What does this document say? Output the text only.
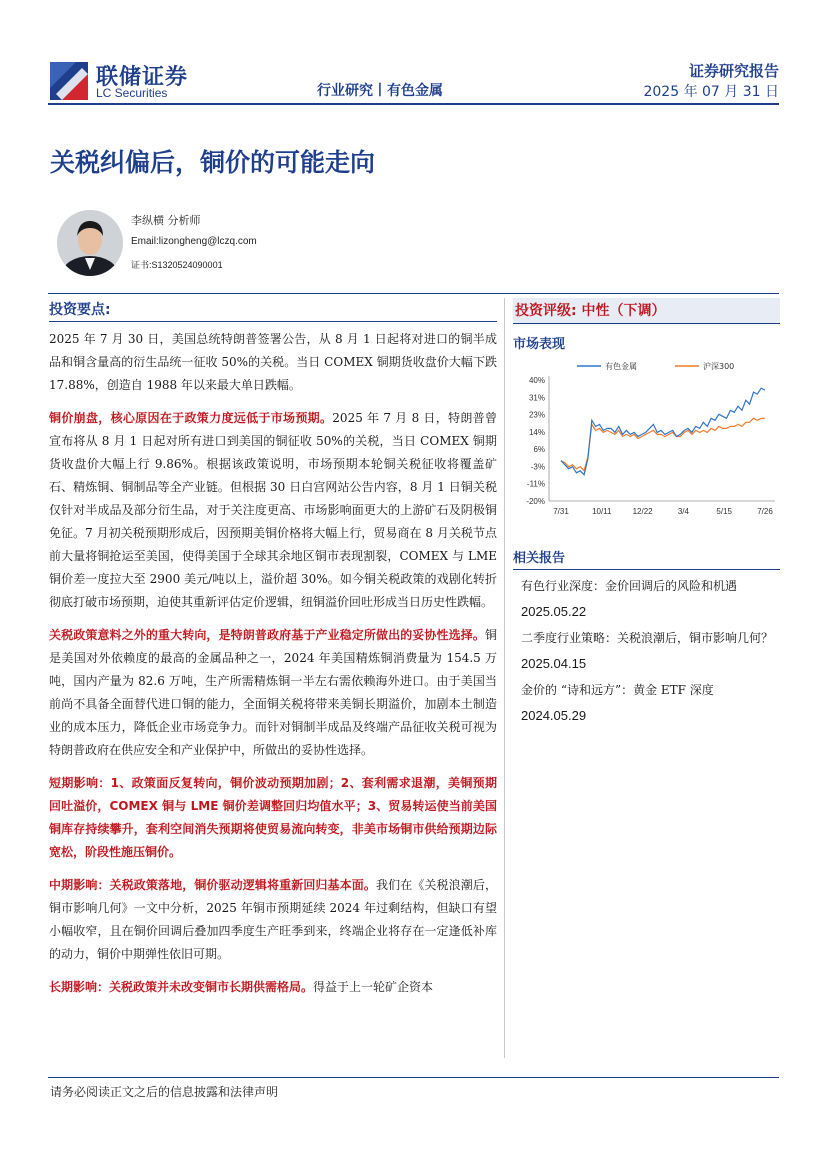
联储证券
LC Securities	行业研究丨有色金属
证券研究报告
2025 年 07 月 31 日
关税纠偏后，铜价的可能走向
李纵横 分析师
Email:lizongheng@lczq.com
证书:S1320524090001
投资要点:

2025 年 7 月 30 日，美国总统特朗普签署公告，从 8 月 1 日起将对进口的铜半成品和铜含量高的衍生品统一征收 50%的关税。当日 COMEX 铜期货收盘价大幅下跌 17.88%，创造自 1988 年以来最大单日跌幅。

铜价崩盘，核心原因在于政策力度远低于市场预期。2025 年 7 月 8 日，特朗普曾宣布将从 8 月 1 日起对所有进口到美国的铜征收 50%的关税，当日 COMEX 铜期货收盘价大幅上行 9.86%。根据该政策说明，市场预期本轮铜关税征收将覆盖矿石、精炼铜、铜制品等全产业链。但根据 30 日白宫网站公告内容，8 月 1 日铜关税仅针对半成品及部分衍生品，对于关注度更高、市场影响面更大的上游矿石及阴极铜免征。7 月初关税预期形成后，因预期美铜价格将大幅上行，贸易商在 8 月关税节点前大量将铜抢运至美国，使得美国于全球其余地区铜市表现割裂，COMEX 与 LME 铜价差一度拉大至 2900 美元/吨以上，溢价超 30%。如今铜关税政策的戏剧化转折彻底打破市场预期，迫使其重新评估定价逻辑，纽铜溢价回吐形成当日历史性跌幅。

关税政策意料之外的重大转向，是特朗普政府基于产业稳定所做出的妥协性选择。铜是美国对外依赖度的最高的金属品种之一，2024 年美国精炼铜消费量为 154.5 万吨，国内产量为 82.6 万吨，生产所需精炼铜一半左右需依赖海外进口。由于美国当前尚不具备全面替代进口铜的能力，全面铜关税将带来美铜长期溢价，加剧本土制造业的成本压力，降低企业市场竞争力。而针对铜制半成品及终端产品征收关税可视为特朗普政府在供应安全和产业保护中，所做出的妥协性选择。

短期影响：1、政策面反复转向，铜价波动预期加剧；2、套利需求退潮，美铜预期回吐溢价，COMEX 铜与 LME 铜价差调整回归均值水平；3、贸易转运使当前美国铜库存持续攀升，套利空间消失预期将使贸易流向转变，非美市场铜市供给预期边际宽松，阶段性施压铜价。

中期影响：关税政策落地，铜价驱动逻辑将重新回归基本面。我们在《关税浪潮后，铜市影响几何》一文中分析，2025 年铜市预期延续 2024 年过剩结构，但缺口有望小幅收窄，且在铜价回调后叠加四季度生产旺季到来，终端企业将存在一定逢低补库的动力，铜价中期弹性依旧可期。

长期影响：关税政策并未改变铜市长期供需格局。得益于上一轮矿企资本

投资评级: 中性（下调）
市场表现
有色金属	沪深300
40%
31%
23%
14%
6%
-3%
-11%
-20%
7/31	10/11	12/22	3/4	5/15	7/26
相关报告
有色行业深度：金价回调后的风险和机遇
2025.05.22
二季度行业策略：关税浪潮后，铜市影响几何？
2025.04.15
金价的 “诗和远方”：黄金 ETF 深度
2024.05.29
请务必阅读正文之后的信息披露和法律声明
